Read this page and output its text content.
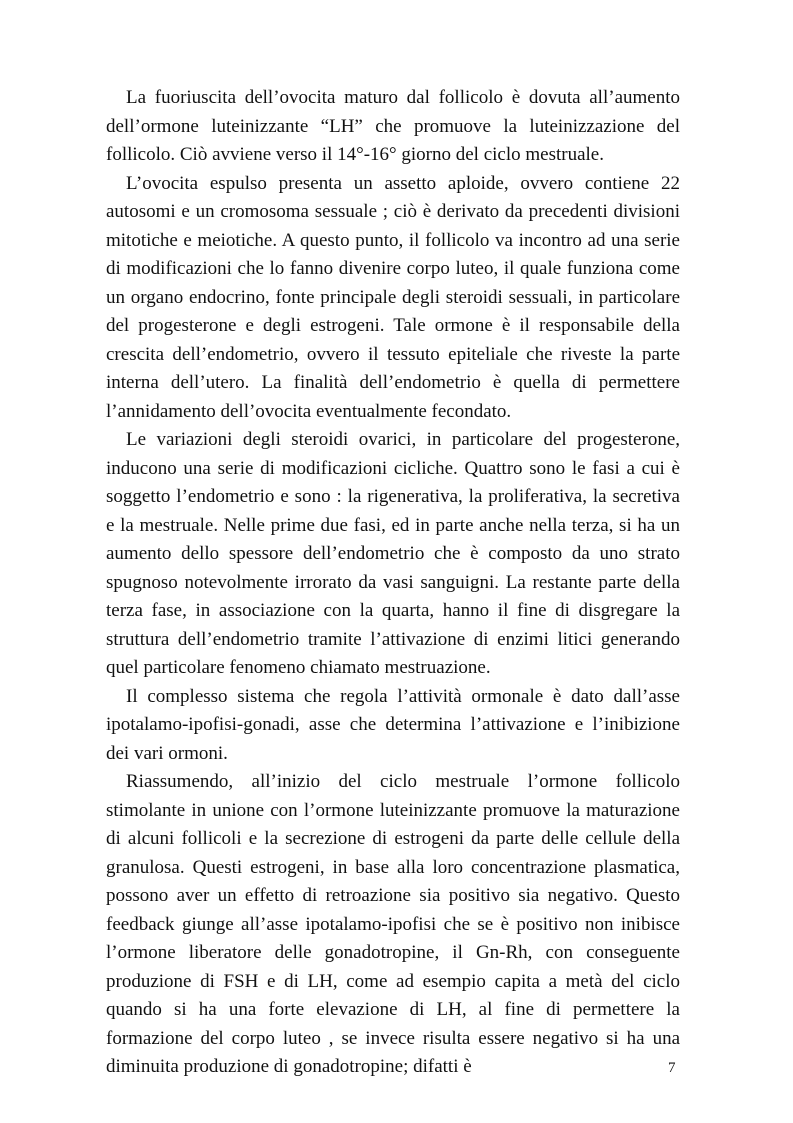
La fuoriuscita dell’ovocita maturo dal follicolo è dovuta all’aumento dell’ormone luteinizzante “LH” che promuove la luteinizzazione del follicolo. Ciò avviene verso il 14°-16° giorno del ciclo mestruale.

L’ovocita espulso presenta un assetto aploide, ovvero contiene 22 autosomi e un cromosoma sessuale ; ciò è derivato da precedenti divisioni mitotiche e meiotiche. A questo punto, il follicolo va incontro ad una serie di modificazioni che lo fanno divenire corpo luteo, il quale funziona come un organo endocrino, fonte principale degli steroidi sessuali, in particolare del progesterone e degli estrogeni. Tale ormone è il responsabile della crescita dell’endometrio, ovvero il tessuto epiteliale che riveste la parte interna dell’utero. La finalità dell’endometrio è quella di permettere l’annidamento dell’ovocita eventualmente fecondato.

Le variazioni degli steroidi ovarici, in particolare del progesterone, inducono una serie di modificazioni cicliche. Quattro sono le fasi a cui è soggetto l’endometrio e sono : la rigenerativa, la proliferativa, la secretiva e la mestruale. Nelle prime due fasi, ed in parte anche nella terza, si ha un aumento dello spessore dell’endometrio che è composto da uno strato spugnoso notevolmente irrorato da vasi sanguigni. La restante parte della terza fase, in associazione con la quarta, hanno il fine di disgregare la struttura dell’endometrio tramite l’attivazione di enzimi litici generando quel particolare fenomeno chiamato mestruazione.

Il complesso sistema che regola l’attività ormonale è dato dall’asse ipotalamo-ipofisi-gonadi, asse che determina l’attivazione e l’inibizione dei vari ormoni.

Riassumendo, all’inizio del ciclo mestruale l’ormone follicolo stimolante in unione con l’ormone luteinizzante promuove la maturazione di alcuni follicoli e la secrezione di estrogeni da parte delle cellule della granulosa. Questi estrogeni, in base alla loro concentrazione plasmatica, possono aver un effetto di retroazione sia positivo sia negativo. Questo feedback giunge all’asse ipotalamo-ipofisi che se è positivo non inibisce l’ormone liberatore delle gonadotropine, il Gn-Rh, con conseguente produzione di FSH e di LH, come ad esempio capita a metà del ciclo quando si ha una forte elevazione di LH, al fine di permettere la formazione del corpo luteo , se invece risulta essere negativo si ha una diminuita produzione di gonadotropine; difatti è	7
